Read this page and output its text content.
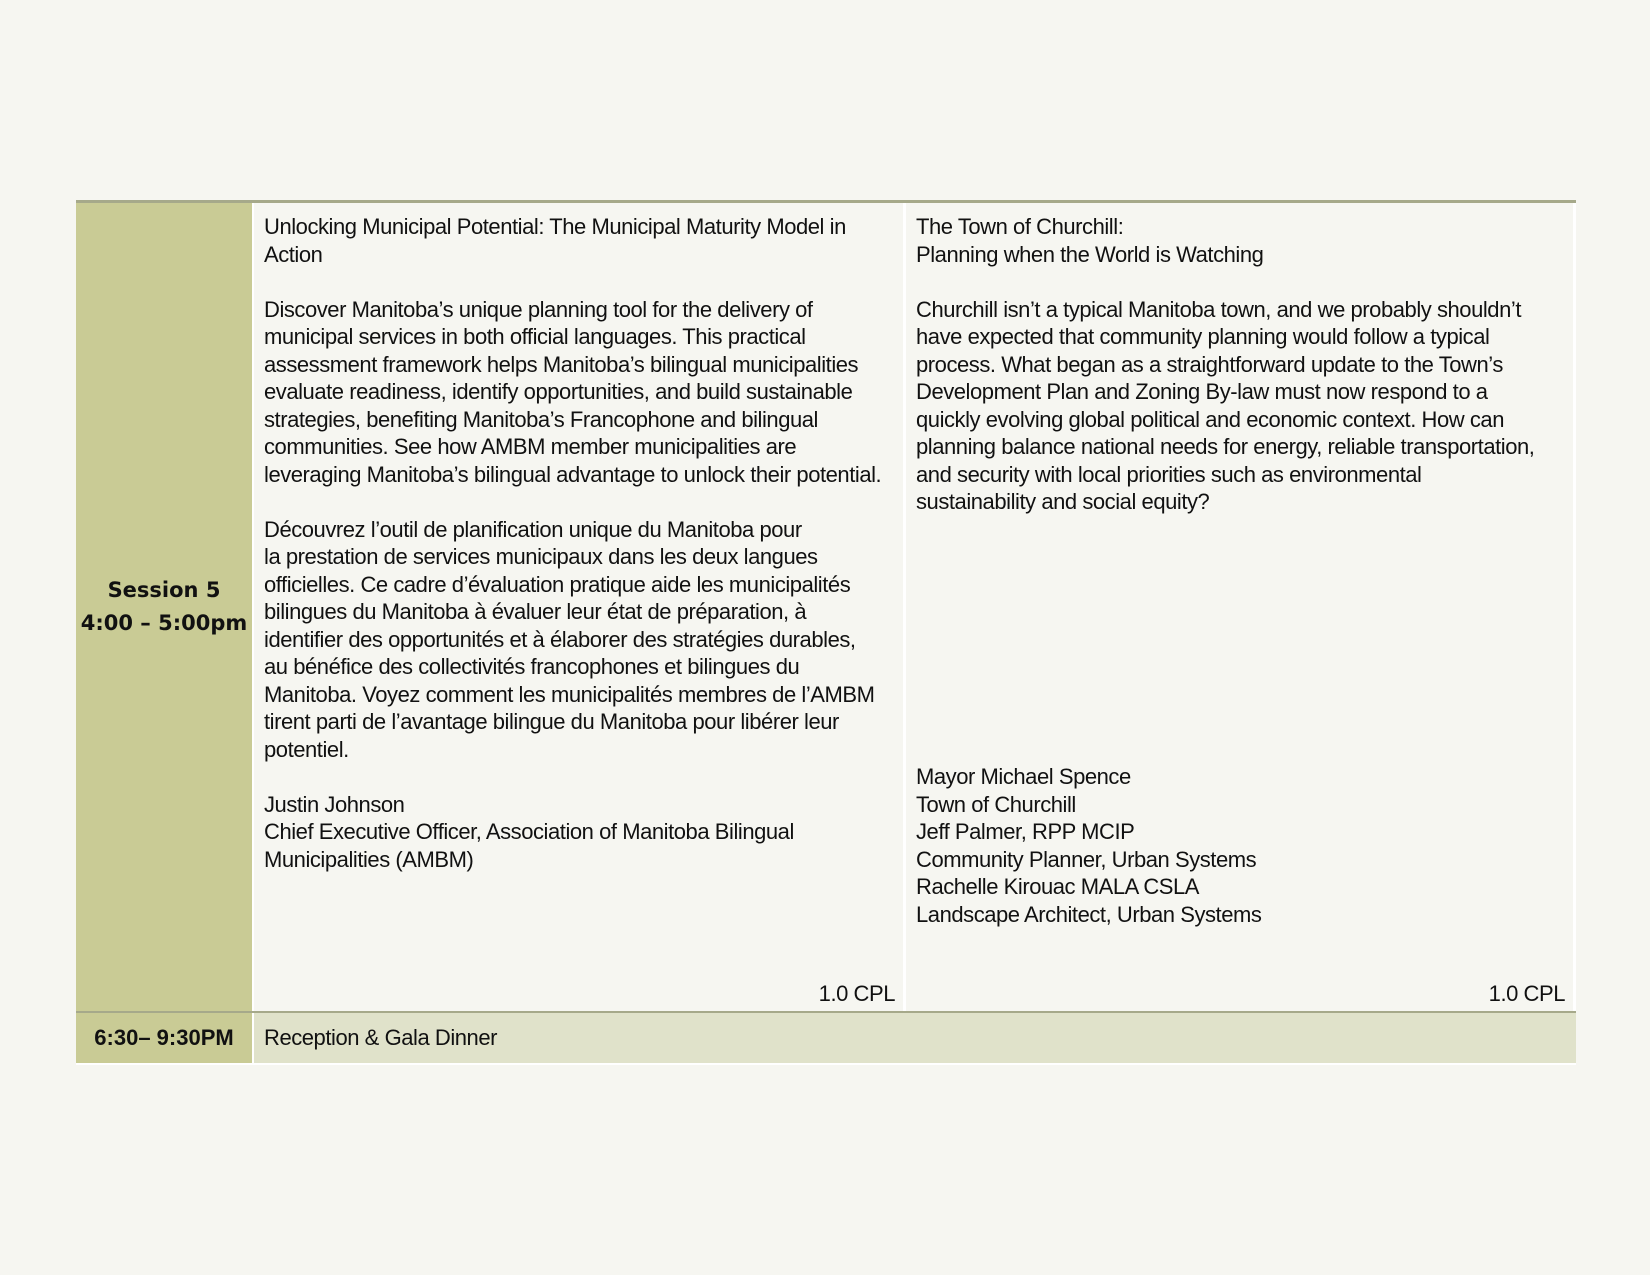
Session 5
4:00 – 5:00pm
Unlocking Municipal Potential: The Municipal Maturity Model in
Action
Discover Manitoba’s unique planning tool for the delivery of
municipal services in both official languages. This practical
assessment framework helps Manitoba’s bilingual municipalities
evaluate readiness, identify opportunities, and build sustainable
strategies, benefiting Manitoba’s Francophone and bilingual
communities. See how AMBM member municipalities are
leveraging Manitoba’s bilingual advantage to unlock their potential.
Découvrez l’outil de planification unique du Manitoba pour
la prestation de services municipaux dans les deux langues
officielles. Ce cadre d’évaluation pratique aide les municipalités
bilingues du Manitoba à évaluer leur état de préparation, à
identifier des opportunités et à élaborer des stratégies durables,
au bénéfice des collectivités francophones et bilingues du
Manitoba. Voyez comment les municipalités membres de l’AMBM
tirent parti de l’avantage bilingue du Manitoba pour libérer leur
potentiel.
Justin Johnson
Chief Executive Officer, Association of Manitoba Bilingual
Municipalities (AMBM)
1.0 CPL
The Town of Churchill:
Planning when the World is Watching
Churchill isn’t a typical Manitoba town, and we probably shouldn’t
have expected that community planning would follow a typical
process. What began as a straightforward update to the Town’s
Development Plan and Zoning By-law must now respond to a
quickly evolving global political and economic context. How can
planning balance national needs for energy, reliable transportation,
and security with local priorities such as environmental
sustainability and social equity?
Mayor Michael Spence
Town of Churchill
Jeff Palmer, RPP MCIP
Community Planner, Urban Systems
Rachelle Kirouac MALA CSLA
Landscape Architect, Urban Systems
1.0 CPL
6:30– 9:30PM	Reception & Gala Dinner
